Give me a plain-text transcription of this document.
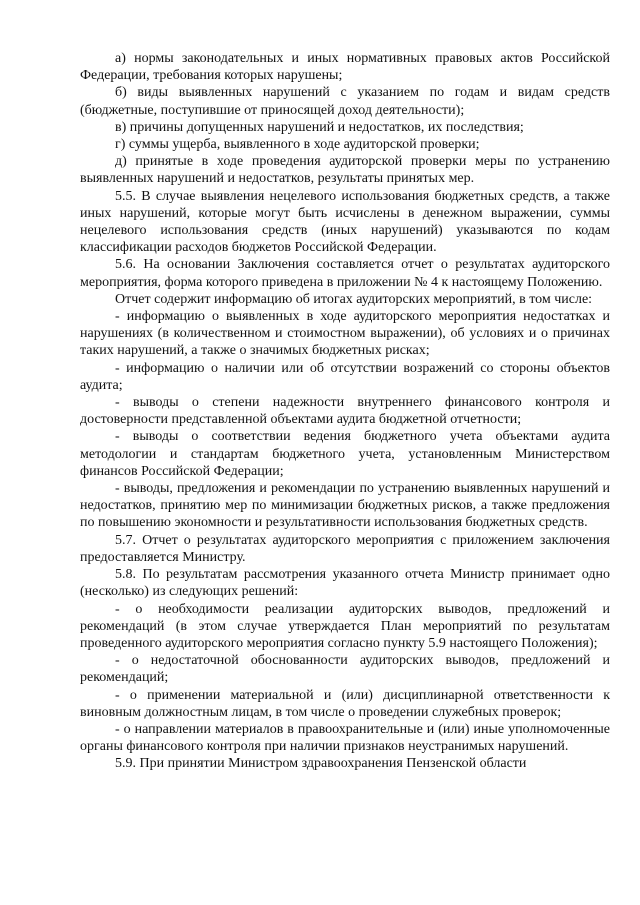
а) нормы законодательных и иных нормативных правовых актов Российской Федерации, требования которых нарушены;

б) виды выявленных нарушений с указанием по годам и видам средств (бюджетные, поступившие от приносящей доход деятельности);

в) причины допущенных нарушений и недостатков, их последствия;

г) суммы ущерба, выявленного в ходе аудиторской проверки;

д) принятые в ходе проведения аудиторской проверки меры по устранению выявленных нарушений и недостатков, результаты принятых мер.

5.5. В случае выявления нецелевого использования бюджетных средств, а также иных нарушений, которые могут быть исчислены в денежном выражении, суммы нецелевого использования средств (иных нарушений) указываются по кодам классификации расходов бюджетов Российской Федерации.

5.6. На основании Заключения составляется отчет о результатах аудиторского мероприятия, форма которого приведена в приложении № 4 к настоящему Положению.

Отчет содержит информацию об итогах аудиторских мероприятий, в том числе:

- информацию о выявленных в ходе аудиторского мероприятия недостатках и нарушениях (в количественном и стоимостном выражении), об условиях и о причинах таких нарушений, а также о значимых бюджетных рисках;

- информацию о наличии или об отсутствии возражений со стороны объектов аудита;

- выводы о степени надежности внутреннего финансового контроля и достоверности представленной объектами аудита бюджетной отчетности;

- выводы о соответствии ведения бюджетного учета объектами аудита методологии и стандартам бюджетного учета, установленным Министерством финансов Российской Федерации;

- выводы, предложения и рекомендации по устранению выявленных нарушений и недостатков, принятию мер по минимизации бюджетных рисков, а также предложения по повышению экономности и результативности использования бюджетных средств.

5.7. Отчет о результатах аудиторского мероприятия с приложением заключения предоставляется Министру.

5.8. По результатам рассмотрения указанного отчета Министр принимает одно (несколько) из следующих решений:

- о необходимости реализации аудиторских выводов, предложений и рекомендаций (в этом случае утверждается План мероприятий по результатам проведенного аудиторского мероприятия согласно пункту 5.9 настоящего Положения);

- о недостаточной обоснованности аудиторских выводов, предложений и рекомендаций;

- о применении материальной и (или) дисциплинарной ответственности к виновным должностным лицам, в том числе о проведении служебных проверок;

- о направлении материалов в правоохранительные и (или) иные уполномоченные органы финансового контроля при наличии признаков неустранимых нарушений.

5.9. При принятии Министром здравоохранения Пензенской области
